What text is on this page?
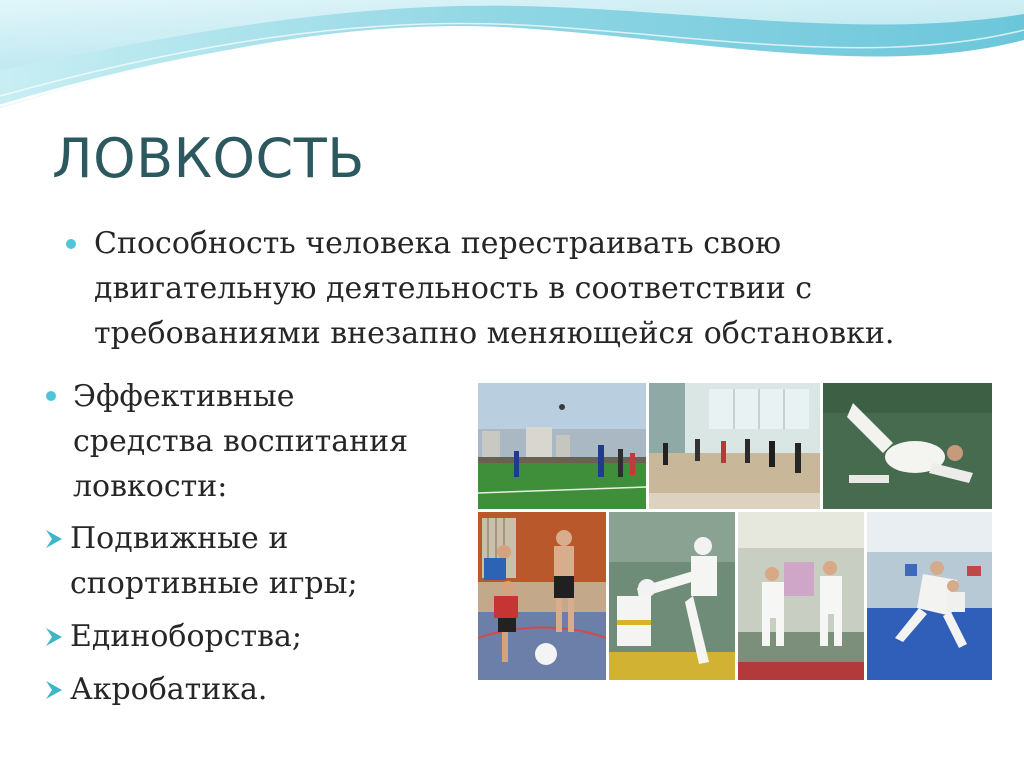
ЛОВКОСТЬ

Способность человека перестраивать свою двигательную деятельность в соответствии с требованиями внезапно меняющейся обстановки.

Эффективные средства воспитания ловкости:

Подвижные и спортивные игры;
Единоборства;
Акробатика.
